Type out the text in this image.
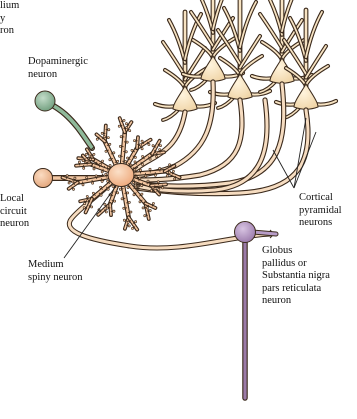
lium
y
ron
Dopaminergic
neuron
Local
circuit
neuron
Medium
spiny neuron
Cortical
pyramidal
neurons
Globus
pallidus or
Substantia nigra
pars reticulata
neuron
